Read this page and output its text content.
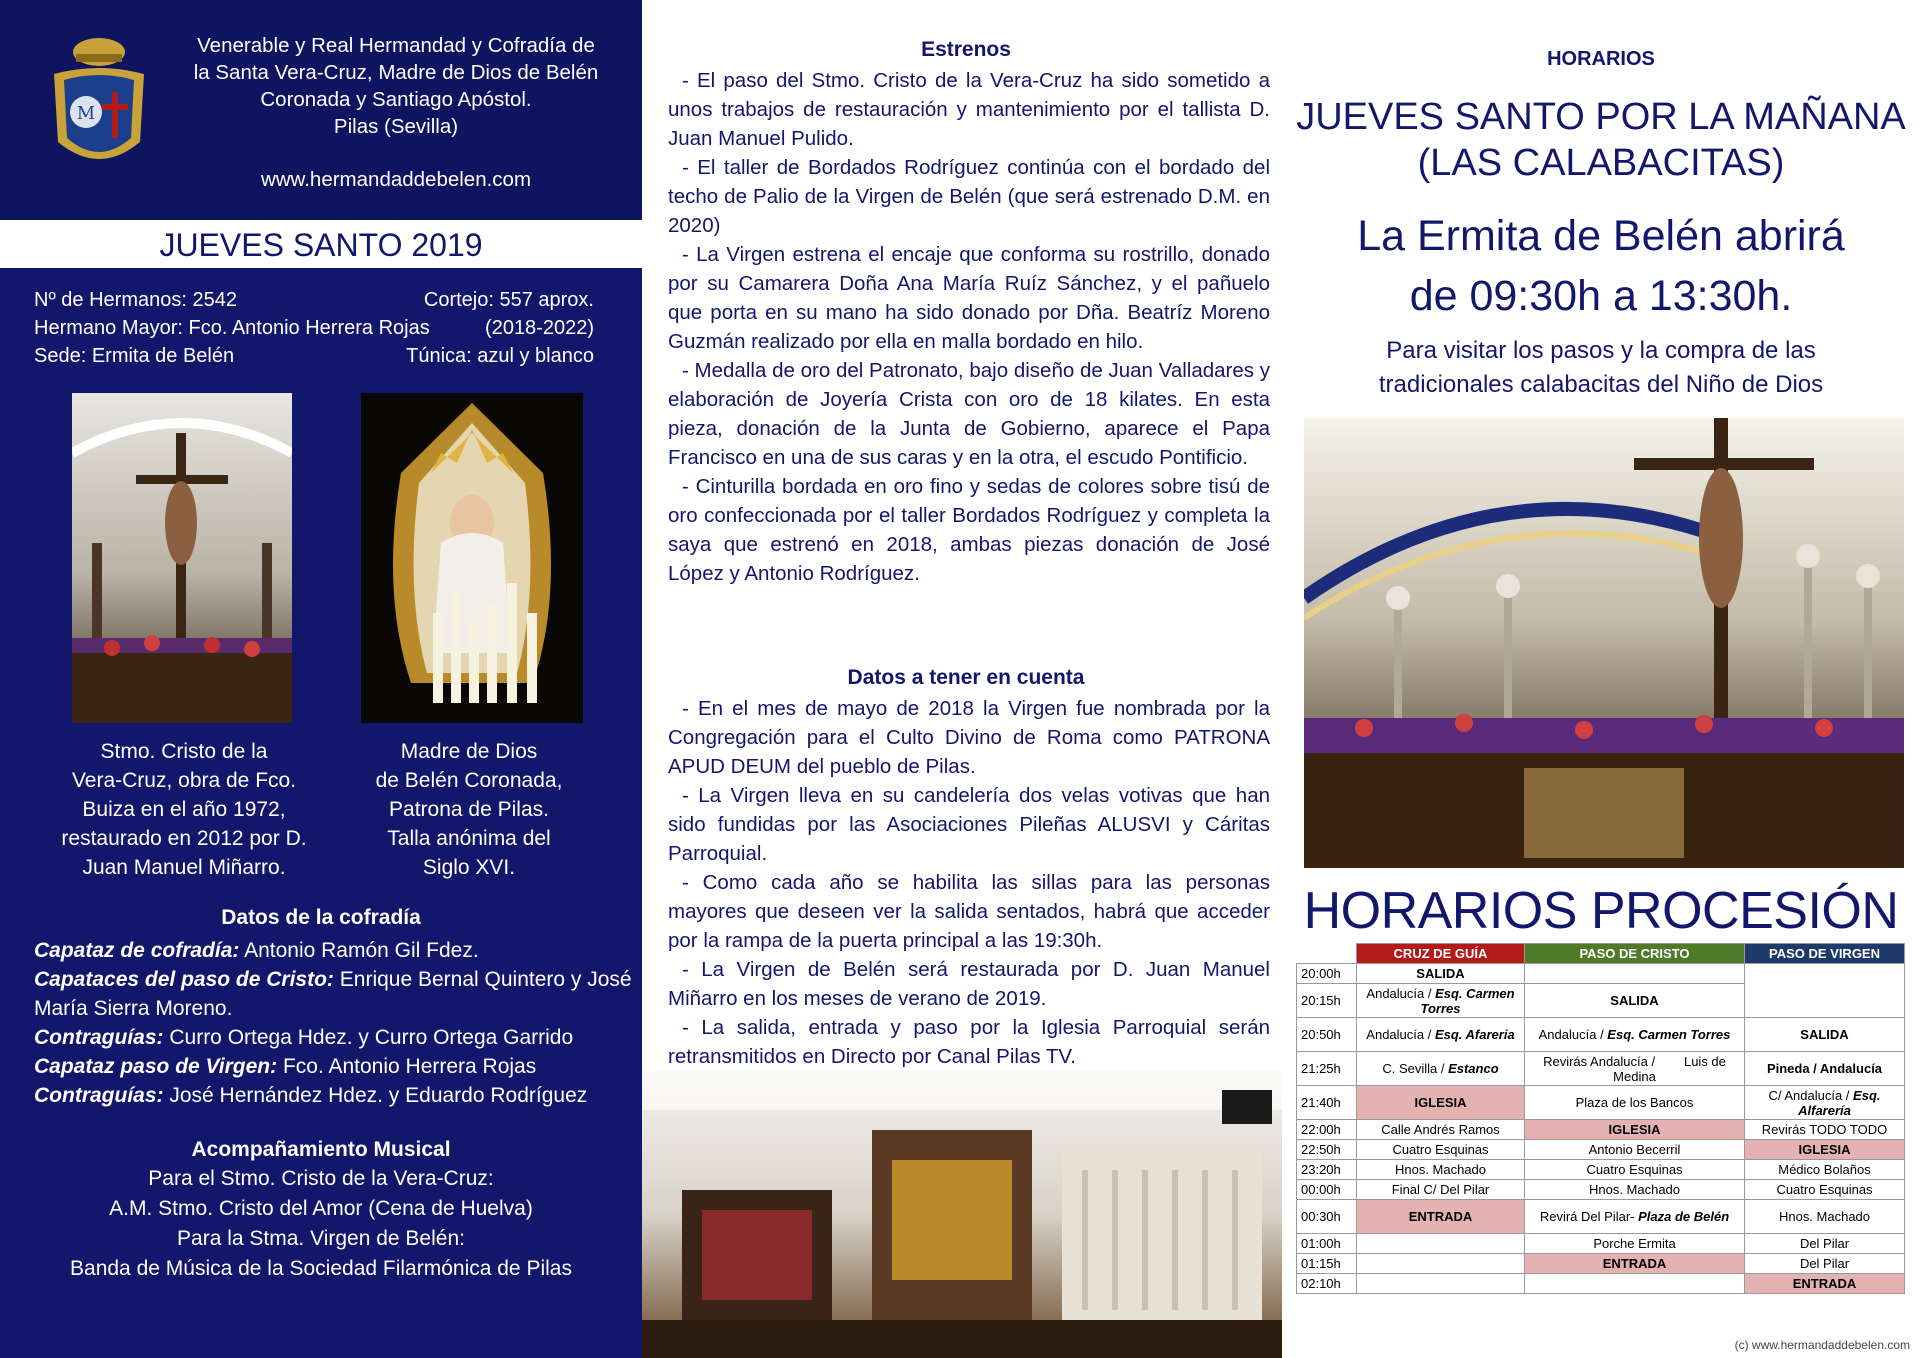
M
Venerable y Real Hermandad y Cofradía de
la Santa Vera-Cruz, Madre de Dios de Belén
Coronada y Santiago Apóstol.
Pilas (Sevilla)
www.hermandaddebelen.com
JUEVES SANTO 2019
Nº de Hermanos: 2542	Cortejo: 557 aprox.
Hermano Mayor: Fco. Antonio Herrera Rojas	(2018-2022)
Sede: Ermita de Belén	Túnica: azul y blanco
Stmo. Cristo de la
Vera-Cruz, obra de Fco.
Buiza en el año 1972,
restaurado en 2012 por D.
Juan Manuel Miñarro.
Madre de Dios
de Belén Coronada,
Patrona de Pilas.
Talla anónima del
Siglo XVI.
Datos de la cofradía
Capataz de cofradía: Antonio Ramón Gil Fdez.
Capataces del paso de Cristo: Enrique Bernal Quintero y José María Sierra Moreno.
Contraguías: Curro Ortega Hdez. y Curro Ortega Garrido
Capataz paso de Virgen: Fco. Antonio Herrera Rojas
Contraguías: José Hernández Hdez. y Eduardo Rodríguez
Acompañamiento Musical
Para el Stmo. Cristo de la Vera-Cruz:
A.M. Stmo. Cristo del Amor (Cena de Huelva)
Para la Stma. Virgen de Belén:
Banda de Música de la Sociedad Filarmónica de Pilas
Estrenos

- El paso del Stmo. Cristo de la Vera-Cruz ha sido sometido a unos trabajos de restauración y mantenimiento por el tallista D. Juan Manuel Pulido.

- El taller de Bordados Rodríguez continúa con el bordado del techo de Palio de la Virgen de Belén (que será estrenado D.M. en 2020)

- La Virgen estrena el encaje que conforma su rostrillo, donado por su Camarera Doña Ana María Ruíz Sánchez, y el pañuelo que porta en su mano ha sido donado por Dña. Beatríz Moreno Guzmán realizado por ella en malla bordado en hilo.

- Medalla de oro del Patronato, bajo diseño de Juan Valladares y elaboración de Joyería Crista con oro de 18 kilates. En esta pieza, donación de la Junta de Gobierno, aparece el Papa Francisco en una de sus caras y en la otra, el escudo Pontificio.

- Cinturilla bordada en oro fino y sedas de colores sobre tisú de oro confeccionada por el taller Bordados Rodríguez y completa la saya que estrenó en 2018, ambas piezas donación de José López y Antonio Rodríguez.

Datos a tener en cuenta

- En el mes de mayo de 2018 la Virgen fue nombrada por la Congregación para el Culto Divino de Roma como PATRONA APUD DEUM del pueblo de Pilas.

- La Virgen lleva en su candelería dos velas votivas que han sido fundidas por las Asociaciones Pileñas ALUSVI y Cáritas Parroquial.

- Como cada año se habilita las sillas para las personas mayores que deseen ver la salida sentados, habrá que acceder por la rampa de la puerta principal a las 19:30h.

- La Virgen de Belén será restaurada por D. Juan Manuel Miñarro en los meses de verano de 2019.

- La salida, entrada y paso por la Iglesia Parroquial serán retransmitidos en Directo por Canal Pilas TV.

HORARIOS
JUEVES SANTO POR LA MAÑANA
(LAS CALABACITAS)
La Ermita de Belén abrirá
de 09:30h a 13:30h.
Para visitar los pasos y la compra de las
tradicionales calabacitas del Niño de Dios
HORARIOS PROCESIÓN
	CRUZ DE GUÍA	PASO DE CRISTO	PASO DE VIRGEN
20:00h	SALIDA		
20:15h	Andalucía / Esq. Carmen Torres	SALIDA	
20:50h	Andalucía / Esq. Afareria	Andalucía / Esq. Carmen Torres	SALIDA
21:25h	C. Sevilla / Estanco	Revirás Andalucía /        Luis de Medina	Pineda / Andalucía
21:40h	IGLESIA	Plaza de los Bancos	C/ Andalucía / Esq. Alfarería
22:00h	Calle Andrés Ramos	IGLESIA	Revirás TODO TODO
22:50h	Cuatro Esquinas	Antonio Becerril	IGLESIA
23:20h	Hnos. Machado	Cuatro Esquinas	Médico Bolaños
00:00h	Final C/ Del Pilar	Hnos. Machado	Cuatro Esquinas
00:30h	ENTRADA	Revirá Del Pilar- Plaza de Belén	Hnos. Machado
01:00h		Porche Ermita	Del Pilar
01:15h		ENTRADA	Del Pilar
02:10h			ENTRADA
(c) www.hermandaddebelen.com
